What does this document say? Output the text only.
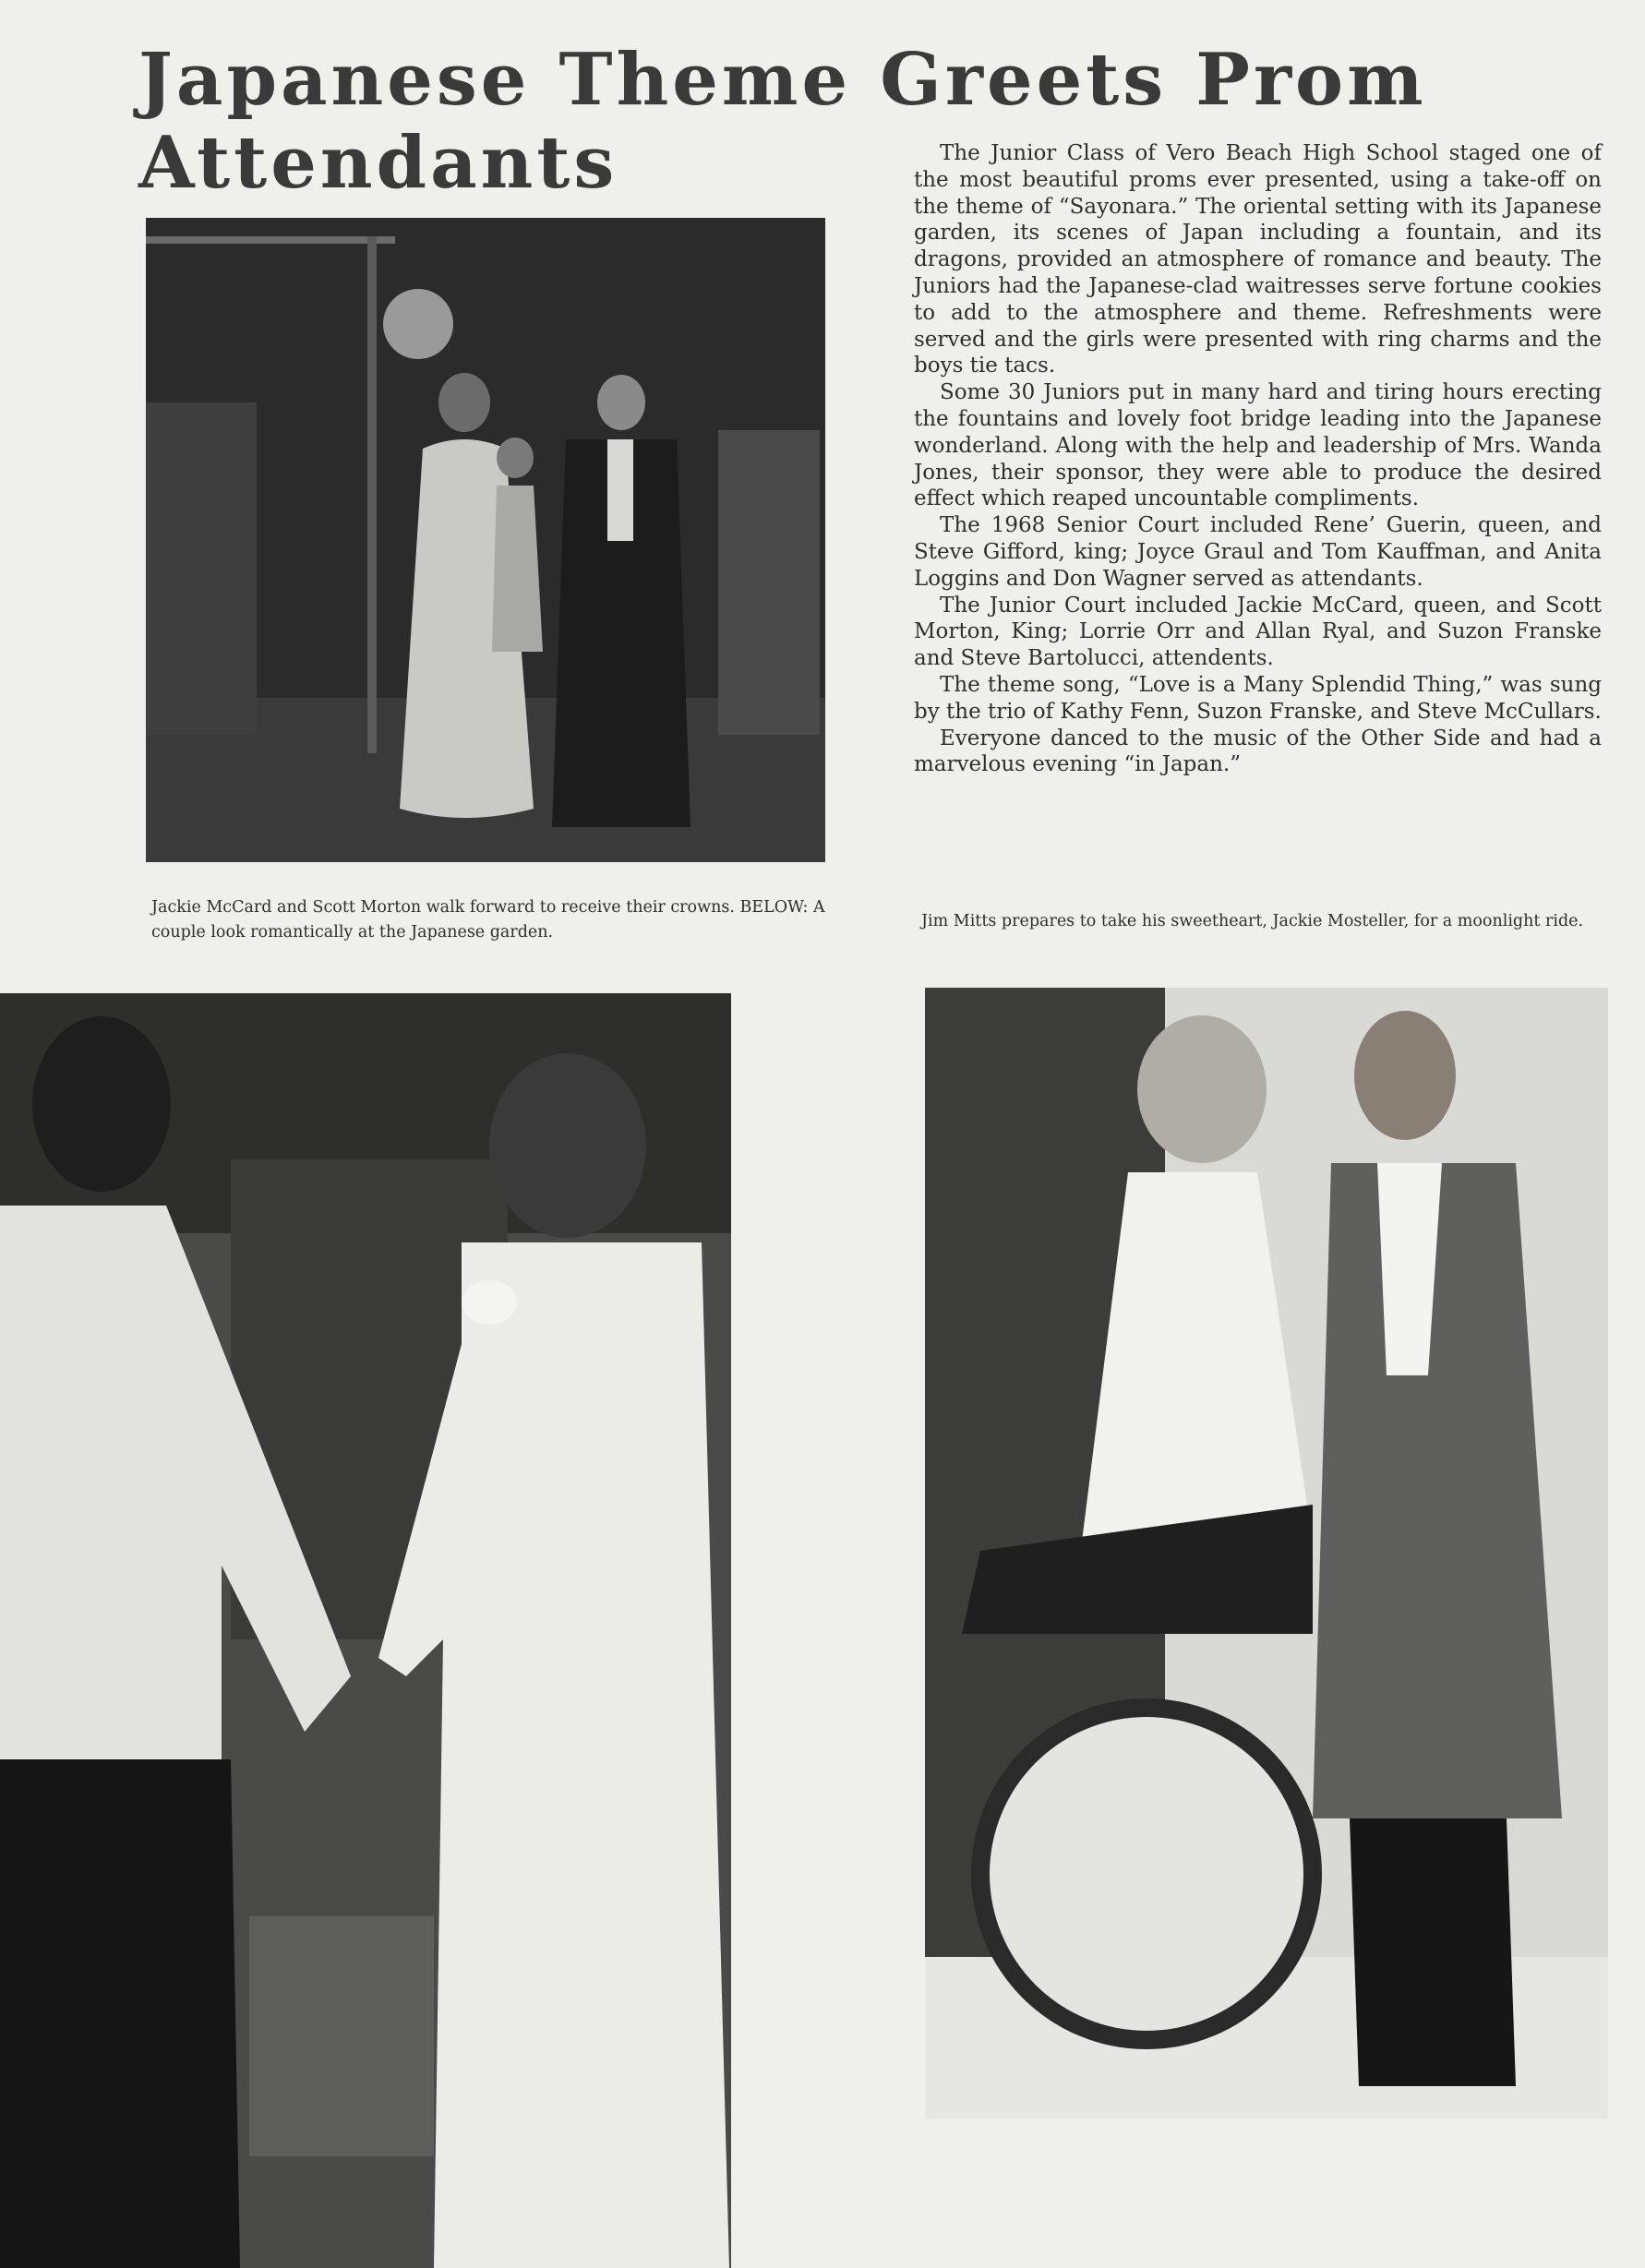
Japanese Theme Greets Prom
Attendants
Jackie McCard and Scott Morton walk forward to receive their crowns. BELOW: A couple look romantically at the Japanese garden.

The Junior Class of Vero Beach High School staged one of the most beautiful proms ever presented, using a take-off on the theme of “Sayonara.” The oriental setting with its Japanese garden, its scenes of Japan including a fountain, and its dragons, provided an atmosphere of romance and beauty. The Juniors had the Japanese-clad waitresses serve fortune cookies to add to the atmosphere and theme. Refreshments were served and the girls were presented with ring charms and the boys tie tacs.

Some 30 Juniors put in many hard and tiring hours erecting the fountains and lovely foot bridge leading into the Japanese wonderland. Along with the help and leadership of Mrs. Wanda Jones, their sponsor, they were able to produce the desired effect which reaped uncountable compliments.

The 1968 Senior Court included Rene’ Guerin, queen, and Steve Gifford, king; Joyce Graul and Tom Kauffman, and Anita Loggins and Don Wagner served as attendants.

The Junior Court included Jackie McCard, queen, and Scott Morton, King; Lorrie Orr and Allan Ryal, and Suzon Franske and Steve Bartolucci, attendents.

The theme song, “Love is a Many Splendid Thing,” was sung by the trio of Kathy Fenn, Suzon Franske, and Steve McCullars.

Everyone danced to the music of the Other Side and had a marvelous evening “in Japan.”

Jim Mitts prepares to take his sweetheart, Jackie Mosteller, for a moonlight ride.
